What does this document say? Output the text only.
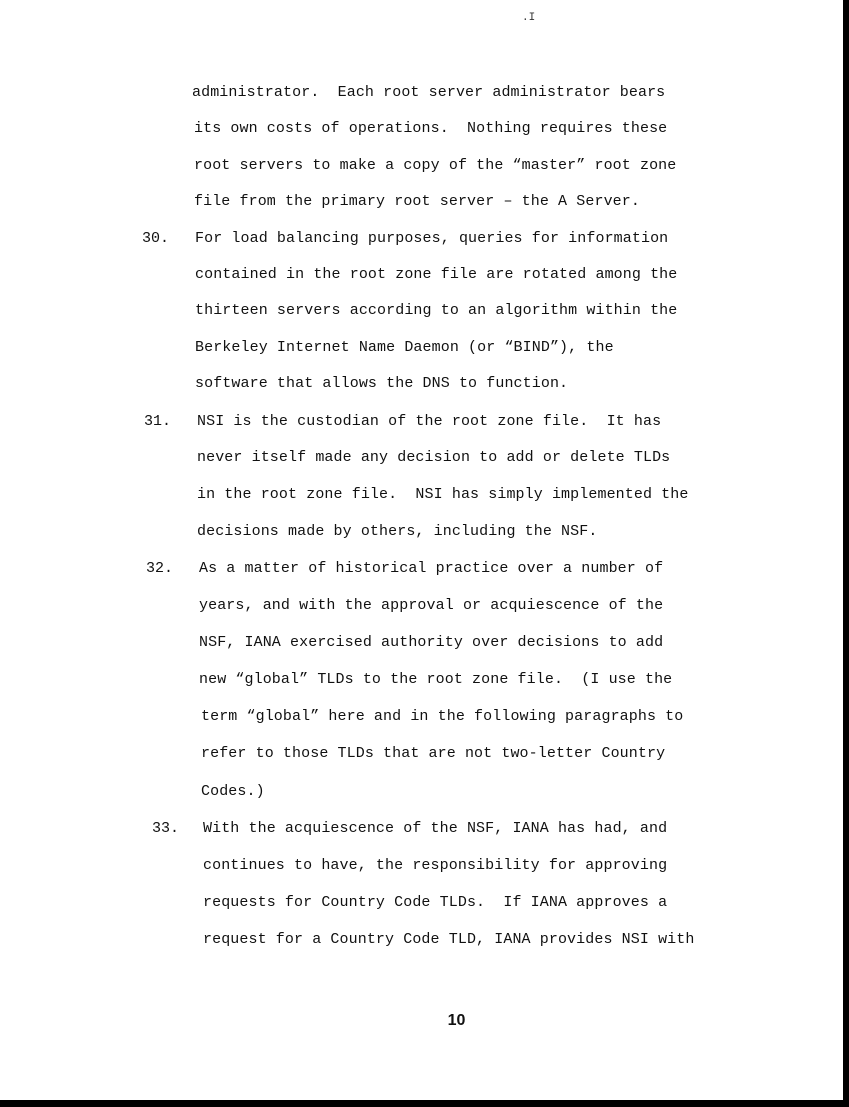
.I
administrator.  Each root server administrator bears
its own costs of operations.  Nothing requires these
root servers to make a copy of the “master” root zone
file from the primary root server – the A Server.
30. For load balancing purposes, queries for information
contained in the root zone file are rotated among the
thirteen servers according to an algorithm within the
Berkeley Internet Name Daemon (or “BIND”), the
software that allows the DNS to function.
31. NSI is the custodian of the root zone file.  It has
never itself made any decision to add or delete TLDs
in the root zone file.  NSI has simply implemented the
decisions made by others, including the NSF.
32. As a matter of historical practice over a number of
years, and with the approval or acquiescence of the
NSF, IANA exercised authority over decisions to add
new “global” TLDs to the root zone file.  (I use the
term “global” here and in the following paragraphs to
refer to those TLDs that are not two-letter Country
Codes.)
33. With the acquiescence of the NSF, IANA has had, and
continues to have, the responsibility for approving
requests for Country Code TLDs.  If IANA approves a
request for a Country Code TLD, IANA provides NSI with
10
